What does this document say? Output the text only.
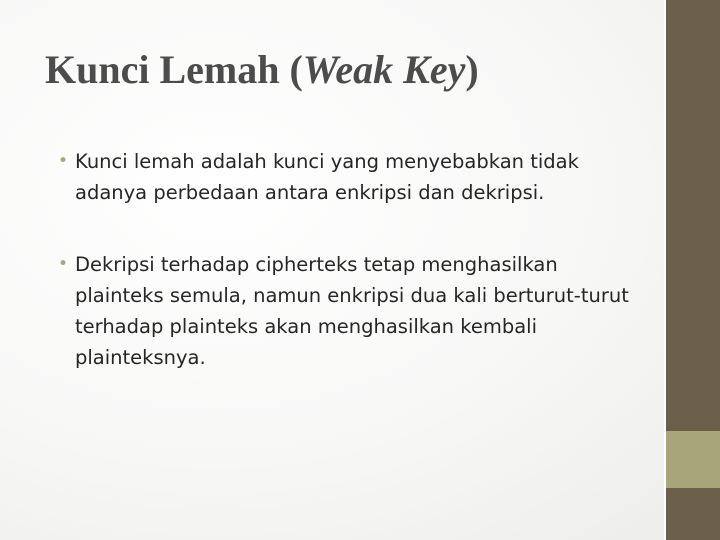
Kunci Lemah (Weak Key)
• Kunci lemah adalah kunci yang menyebabkan tidak adanya perbedaan antara enkripsi dan dekripsi.
• Dekripsi terhadap cipherteks tetap menghasilkan plainteks semula, namun enkripsi dua kali berturut-turut terhadap plainteks akan menghasilkan kembali plainteksnya.
